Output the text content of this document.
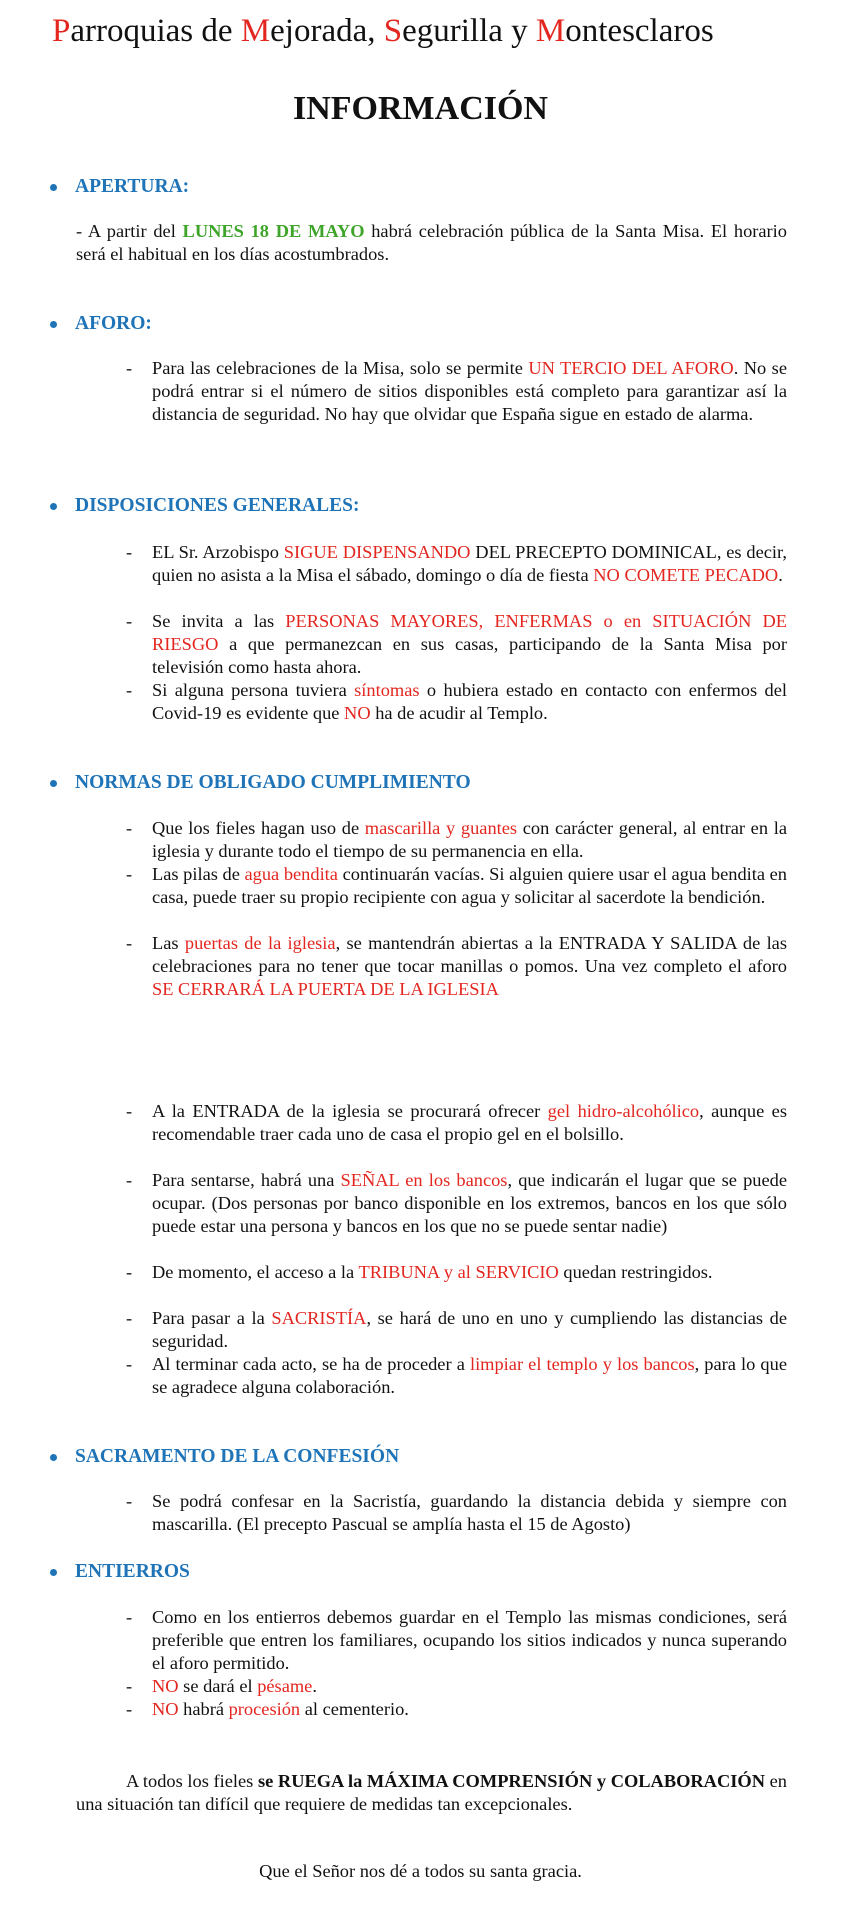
Parroquias de Mejorada, Segurilla y Montesclaros
INFORMACIÓN
APERTURA:
- A partir del LUNES 18 DE MAYO habrá celebración pública de la Santa Misa. El horario será el habitual en los días acostumbrados.
AFORO:
- Para las celebraciones de la Misa, solo se permite UN TERCIO DEL AFORO. No se podrá entrar si el número de sitios disponibles está completo para garantizar así la distancia de seguridad. No hay que olvidar que España sigue en estado de alarma.
DISPOSICIONES GENERALES:
- EL Sr. Arzobispo SIGUE DISPENSANDO DEL PRECEPTO DOMINICAL, es decir, quien no asista a la Misa el sábado, domingo o día de fiesta NO COMETE PECADO.
- Se invita a las PERSONAS MAYORES, ENFERMAS o en SITUACIÓN DE RIESGO a que permanezcan en sus casas, participando de la Santa Misa por televisión como hasta ahora.
- Si alguna persona tuviera síntomas o hubiera estado en contacto con enfermos del Covid-19 es evidente que NO ha de acudir al Templo.
NORMAS DE OBLIGADO CUMPLIMIENTO
- Que los fieles hagan uso de mascarilla y guantes con carácter general, al entrar en la iglesia y durante todo el tiempo de su permanencia en ella.
- Las pilas de agua bendita continuarán vacías. Si alguien quiere usar el agua bendita en casa, puede traer su propio recipiente con agua y solicitar al sacerdote la bendición.
- Las puertas de la iglesia, se mantendrán abiertas a la ENTRADA Y SALIDA de las celebraciones para no tener que tocar manillas o pomos. Una vez completo el aforo SE CERRARÁ LA PUERTA DE LA IGLESIA
- A la ENTRADA de la iglesia se procurará ofrecer gel hidro-alcohólico, aunque es recomendable traer cada uno de casa el propio gel en el bolsillo.
- Para sentarse, habrá una SEÑAL en los bancos, que indicarán el lugar que se puede ocupar. (Dos personas por banco disponible en los extremos, bancos en los que sólo puede estar una persona y bancos en los que no se puede sentar nadie)
- De momento, el acceso a la TRIBUNA y al SERVICIO quedan restringidos.
- Para pasar a la SACRISTÍA, se hará de uno en uno y cumpliendo las distancias de seguridad.
- Al terminar cada acto, se ha de proceder a limpiar el templo y los bancos, para lo que se agradece alguna colaboración.
SACRAMENTO DE LA CONFESIÓN
- Se podrá confesar en la Sacristía, guardando la distancia debida y siempre con mascarilla. (El precepto Pascual se amplía hasta el 15 de Agosto)
ENTIERROS
- Como en los entierros debemos guardar en el Templo las mismas condiciones, será preferible que entren los familiares, ocupando los sitios indicados y nunca superando el aforo permitido.
- NO se dará el pésame.
- NO habrá procesión al cementerio.
A todos los fieles se RUEGA la MÁXIMA COMPRENSIÓN y COLABORACIÓN en una situación tan difícil que requiere de medidas tan excepcionales.
Que el Señor nos dé a todos su santa gracia.
